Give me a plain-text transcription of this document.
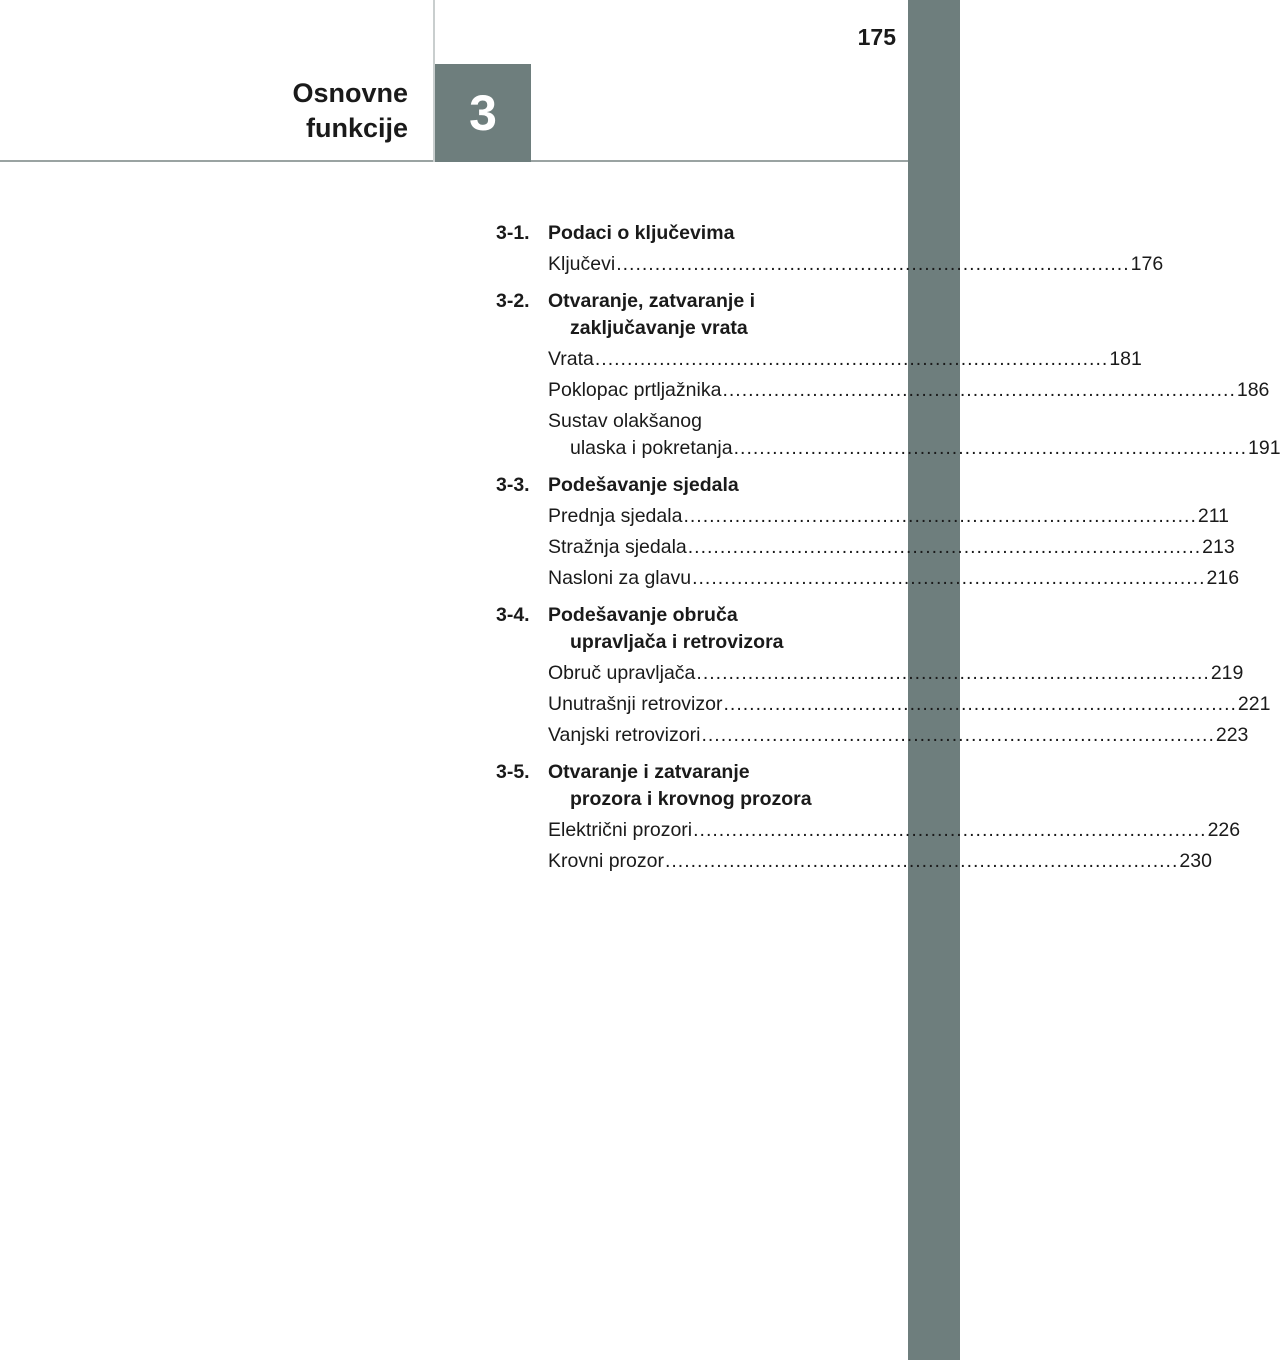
175
Osnovne
funkcije 3
3-1. Podaci o ključevima
Ključevi ................................................................................ 176
3-2. Otvaranje, zatvaranje i
zaključavanje vrata
Vrata ................................................................................ 181
Poklopac prtljažnika ................................................................................ 186
Sustav olakšanog
ulaska i pokretanja ................................................................................ 191
3-3. Podešavanje sjedala
Prednja sjedala ................................................................................ 211
Stražnja sjedala ................................................................................ 213
Nasloni za glavu ................................................................................ 216
3-4. Podešavanje obruča
upravljača i retrovizora
Obruč upravljača ................................................................................ 219
Unutrašnji retrovizor ................................................................................ 221
Vanjski retrovizori ................................................................................ 223
3-5. Otvaranje i zatvaranje
prozora i krovnog prozora
Električni prozori ................................................................................ 226
Krovni prozor ................................................................................ 230
